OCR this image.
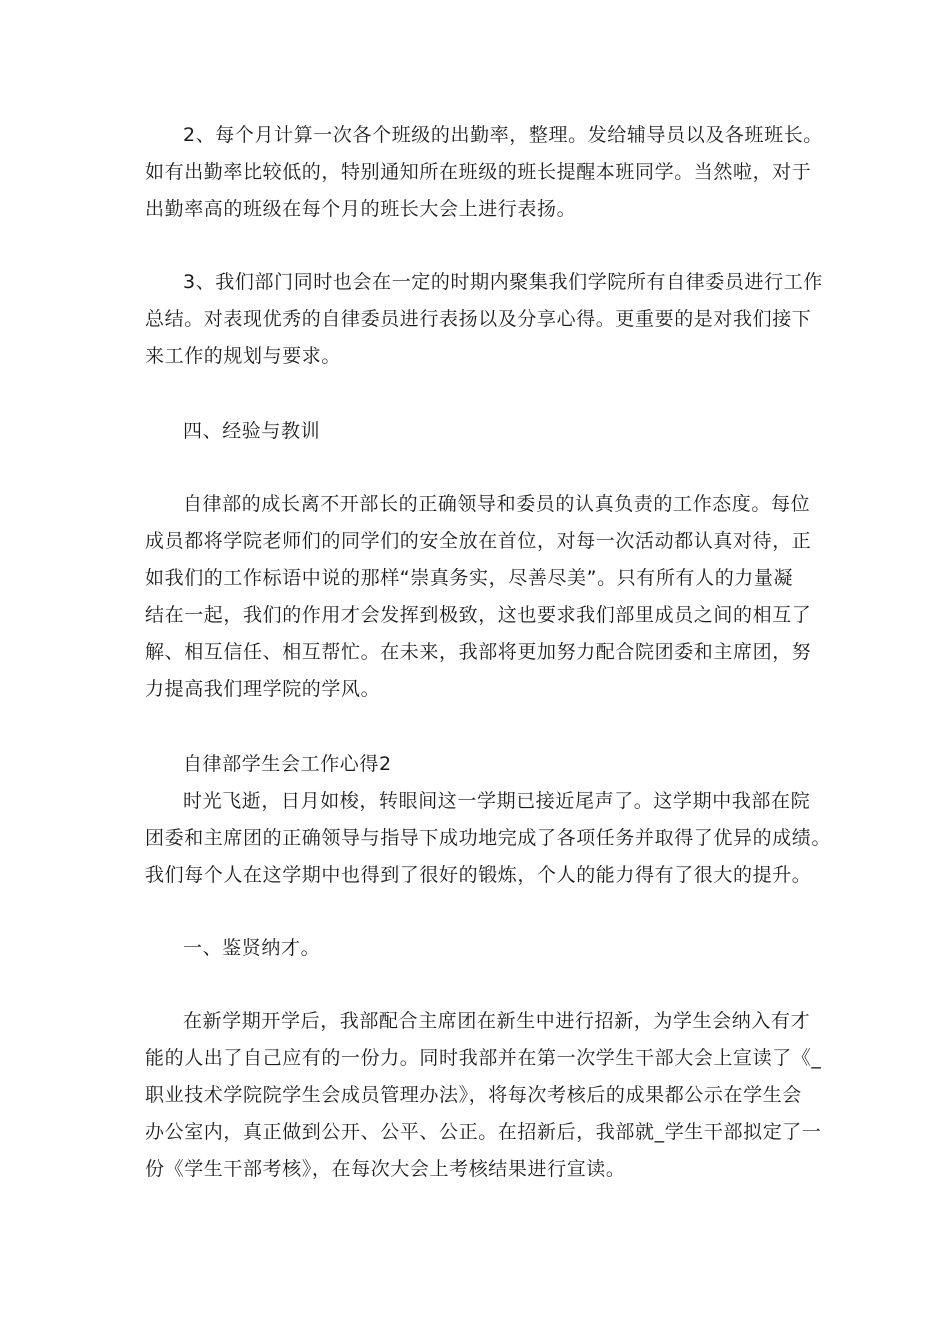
2、每个月计算一次各个班级的出勤率，整理。发给辅导员以及各班班长。
如有出勤率比较低的，特别通知所在班级的班长提醒本班同学。当然啦，对于
出勤率高的班级在每个月的班长大会上进行表扬。
3、我们部门同时也会在一定的时期内聚集我们学院所有自律委员进行工作
总结。对表现优秀的自律委员进行表扬以及分享心得。更重要的是对我们接下
来工作的规划与要求。
四、经验与教训
自律部的成长离不开部长的正确领导和委员的认真负责的工作态度。每位
成员都将学院老师们的同学们的安全放在首位，对每一次活动都认真对待，正
如我们的工作标语中说的那样“崇真务实，尽善尽美”。只有所有人的力量凝
结在一起，我们的作用才会发挥到极致，这也要求我们部里成员之间的相互了
解、相互信任、相互帮忙。在未来，我部将更加努力配合院团委和主席团，努
力提高我们理学院的学风。
自律部学生会工作心得2
时光飞逝，日月如梭，转眼间这一学期已接近尾声了。这学期中我部在院
团委和主席团的正确领导与指导下成功地完成了各项任务并取得了优异的成绩。
我们每个人在这学期中也得到了很好的锻炼，个人的能力得有了很大的提升。
一、鉴贤纳才。
在新学期开学后，我部配合主席团在新生中进行招新，为学生会纳入有才
能的人出了自己应有的一份力。同时我部并在第一次学生干部大会上宣读了《_
职业技术学院院学生会成员管理办法》，将每次考核后的成果都公示在学生会
办公室内，真正做到公开、公平、公正。在招新后，我部就_学生干部拟定了一
份《学生干部考核》，在每次大会上考核结果进行宣读。
